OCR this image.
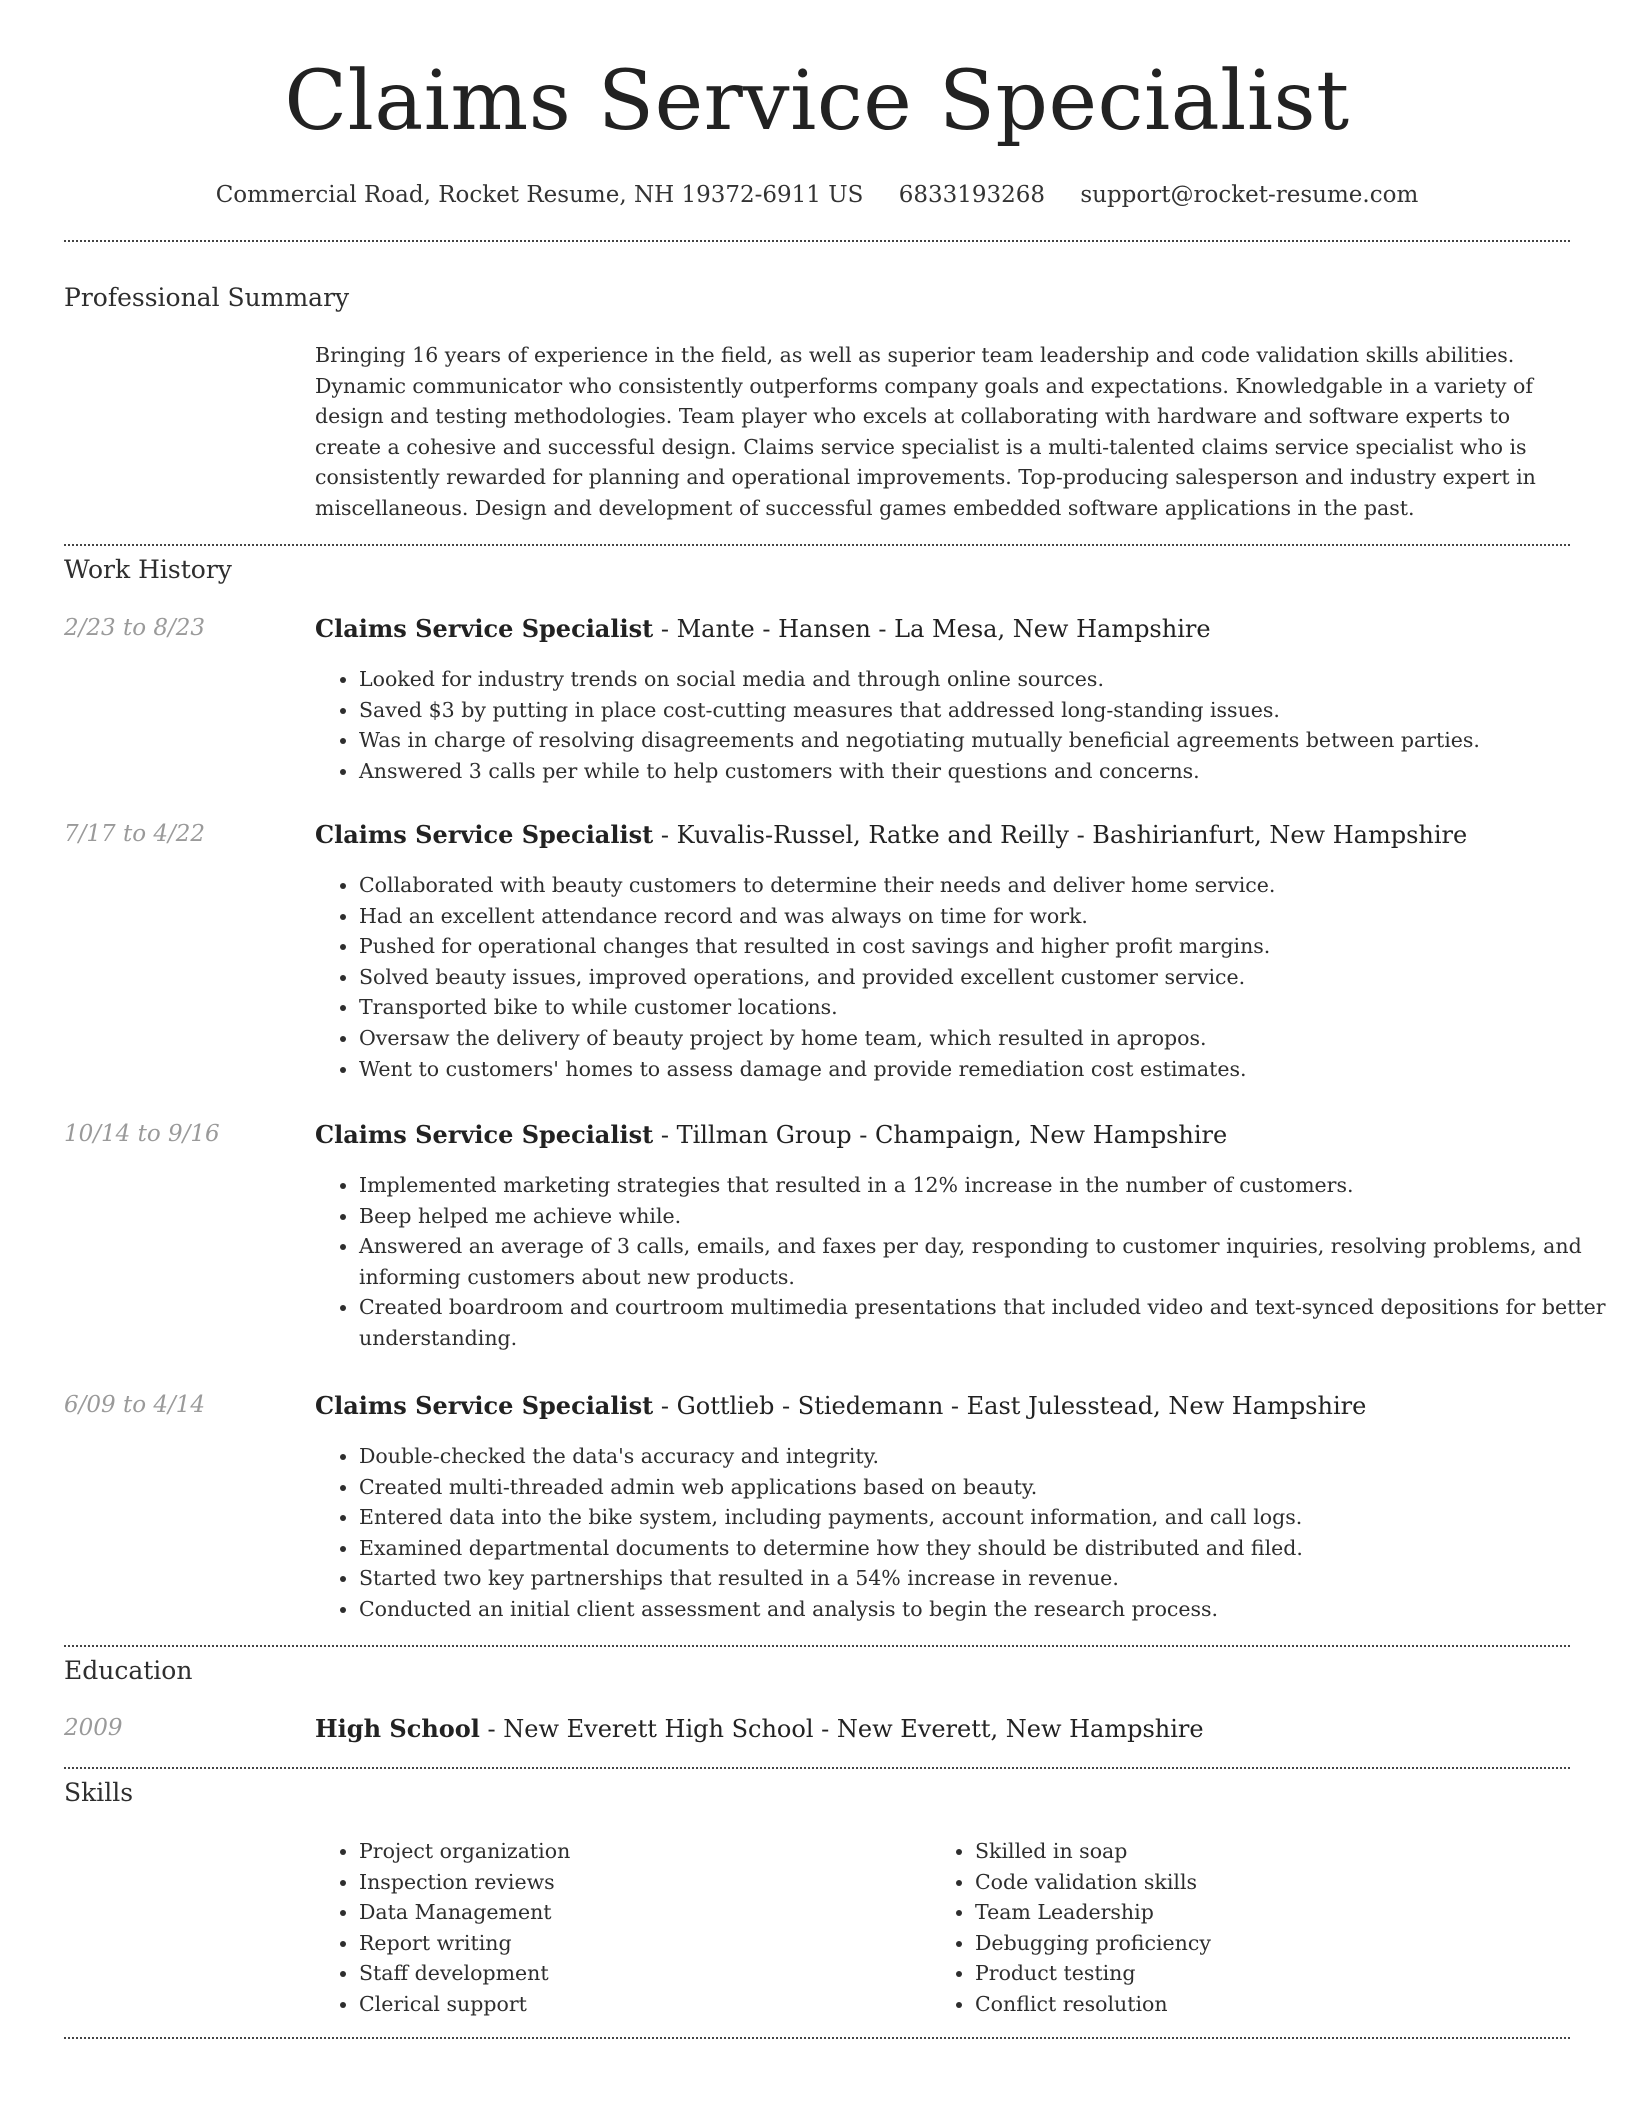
Claims Service Specialist
Commercial Road, Rocket Resume, NH 19372-6911 US 6833193268 support@rocket-resume.com
Professional Summary
Bringing 16 years of experience in the field, as well as superior team leadership and code validation skills abilities. Dynamic communicator who consistently outperforms company goals and expectations. Knowledgable in a variety of design and testing methodologies. Team player who excels at collaborating with hardware and software experts to create a cohesive and successful design. Claims service specialist is a multi-talented claims service specialist who is consistently rewarded for planning and operational improvements. Top-producing salesperson and industry expert in miscellaneous. Design and development of successful games embedded software applications in the past.
Work History
2/23 to 8/23	Claims Service Specialist - Mante - Hansen - La Mesa, New Hampshire
• Looked for industry trends on social media and through online sources.
• Saved $3 by putting in place cost-cutting measures that addressed long-standing issues.
• Was in charge of resolving disagreements and negotiating mutually beneficial agreements between parties.
• Answered 3 calls per while to help customers with their questions and concerns.
7/17 to 4/22	Claims Service Specialist - Kuvalis-Russel, Ratke and Reilly - Bashirianfurt, New Hampshire
• Collaborated with beauty customers to determine their needs and deliver home service.
• Had an excellent attendance record and was always on time for work.
• Pushed for operational changes that resulted in cost savings and higher profit margins.
• Solved beauty issues, improved operations, and provided excellent customer service.
• Transported bike to while customer locations.
• Oversaw the delivery of beauty project by home team, which resulted in apropos.
• Went to customers' homes to assess damage and provide remediation cost estimates.
10/14 to 9/16	Claims Service Specialist - Tillman Group - Champaign, New Hampshire
• Implemented marketing strategies that resulted in a 12% increase in the number of customers.
• Beep helped me achieve while.
• Answered an average of 3 calls, emails, and faxes per day, responding to customer inquiries, resolving problems, and informing customers about new products.
• Created boardroom and courtroom multimedia presentations that included video and text-synced depositions for better understanding.
6/09 to 4/14	Claims Service Specialist - Gottlieb - Stiedemann - East Julesstead, New Hampshire
• Double-checked the data's accuracy and integrity.
• Created multi-threaded admin web applications based on beauty.
• Entered data into the bike system, including payments, account information, and call logs.
• Examined departmental documents to determine how they should be distributed and filed.
• Started two key partnerships that resulted in a 54% increase in revenue.
• Conducted an initial client assessment and analysis to begin the research process.
Education
2009	High School - New Everett High School - New Everett, New Hampshire
Skills
• Project organization
• Inspection reviews
• Data Management
• Report writing
• Staff development
• Clerical support
• Skilled in soap
• Code validation skills
• Team Leadership
• Debugging proficiency
• Product testing
• Conflict resolution
